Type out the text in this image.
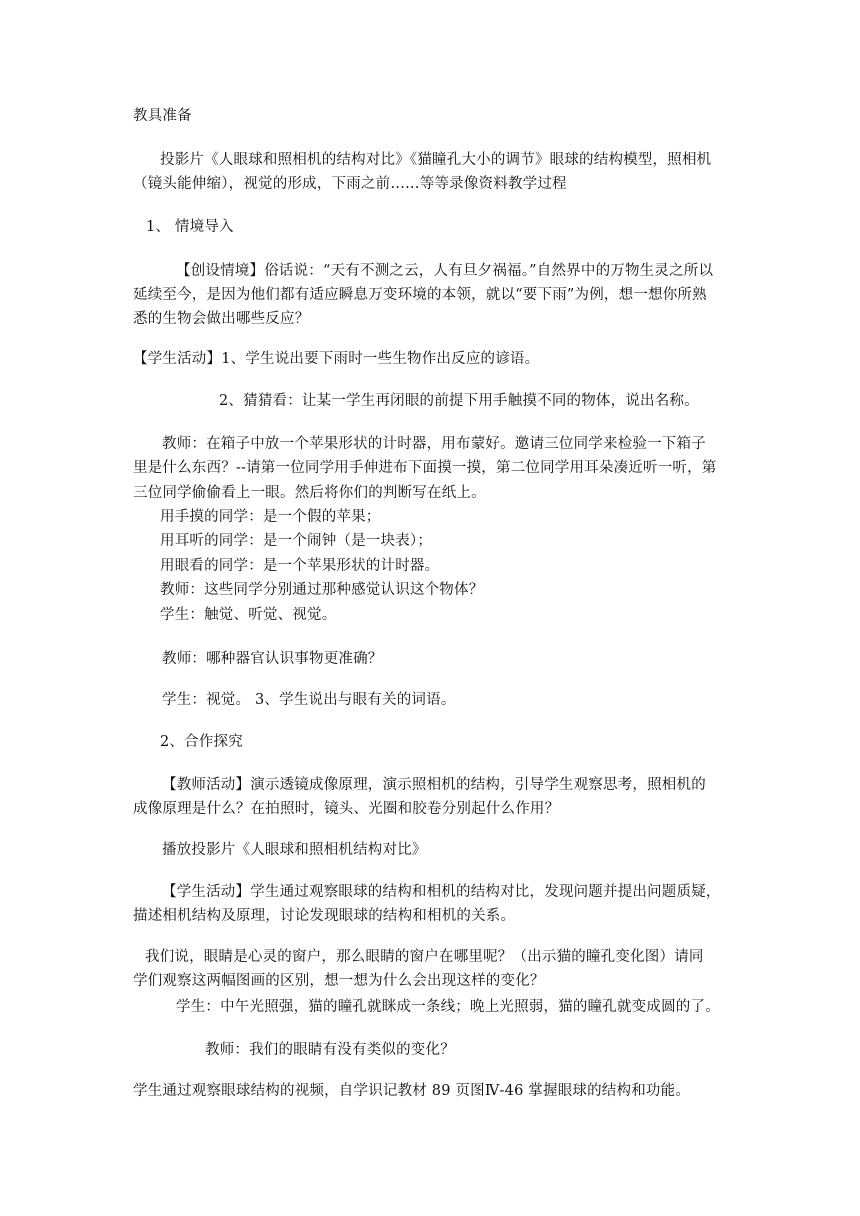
教具准备
投影片《人眼球和照相机的结构对比》《猫瞳孔大小的调节》眼球的结构模型，照相机
（镜头能伸缩），视觉的形成，下雨之前……等等录像资料教学过程
1、 情境导入
【创设情境】俗话说：“天有不测之云，人有旦夕祸福。”自然界中的万物生灵之所以
延续至今，是因为他们都有适应瞬息万变环境的本领，就以“要下雨”为例，想一想你所熟
悉的生物会做出哪些反应？
【学生活动】1、学生说出要下雨时一些生物作出反应的谚语。
2、猜猜看：让某一学生再闭眼的前提下用手触摸不同的物体，说出名称。
教师：在箱子中放一个苹果形状的计时器，用布蒙好。邀请三位同学来检验一下箱子
里是什么东西？--请第一位同学用手伸进布下面摸一摸，第二位同学用耳朵凑近听一听，第
三位同学偷偷看上一眼。然后将你们的判断写在纸上。
用手摸的同学：是一个假的苹果；
用耳听的同学：是一个闹钟（是一块表）；
用眼看的同学：是一个苹果形状的计时器。
教师：这些同学分别通过那种感觉认识这个物体？
学生：触觉、听觉、视觉。
教师：哪种器官认识事物更准确？
学生：视觉。 3、学生说出与眼有关的词语。
2、合作探究
【教师活动】演示透镜成像原理，演示照相机的结构，引导学生观察思考，照相机的
成像原理是什么？在拍照时，镜头、光圈和胶卷分别起什么作用？
播放投影片《人眼球和照相机结构对比》
【学生活动】学生通过观察眼球的结构和相机的结构对比，发现问题并提出问题质疑，
描述相机结构及原理，讨论发现眼球的结构和相机的关系。
我们说，眼睛是心灵的窗户，那么眼睛的窗户在哪里呢？（出示猫的瞳孔变化图）请同
学们观察这两幅图画的区别，想一想为什么会出现这样的变化？
学生：中午光照强，猫的瞳孔就眯成一条线；晚上光照弱，猫的瞳孔就变成圆的了。
教师：我们的眼睛有没有类似的变化？
学生通过观察眼球结构的视频，自学识记教材 89 页图Ⅳ-46 掌握眼球的结构和功能。
